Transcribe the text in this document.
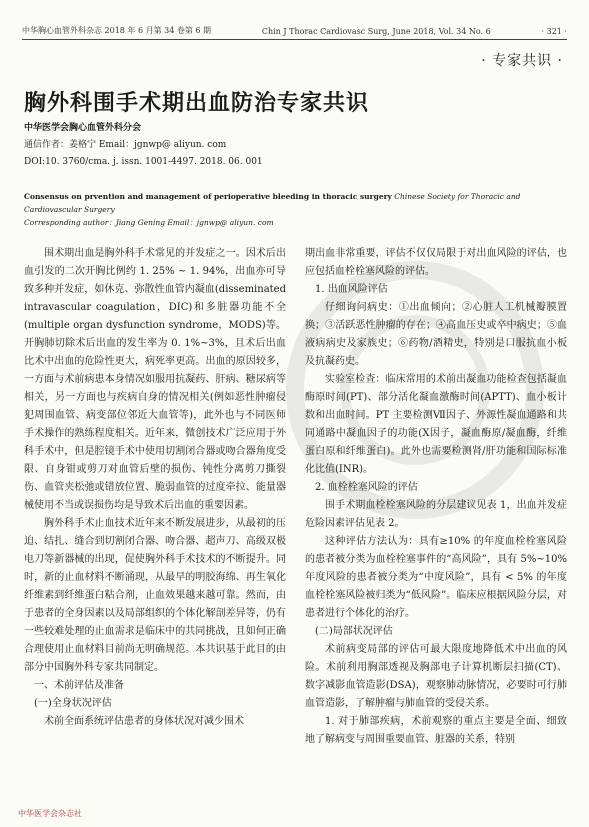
中华胸心血管外科杂志 2018 年 6 月第 34 卷第 6 期	Chin J Thorac Cardiovasc Surg, June 2018, Vol. 34 No. 6	· 321 ·
· 专家共识 ·
胸外科围手术期出血防治专家共识
中华医学会胸心血管外科分会
通信作者：姜格宁 Email：jgnwp@ aliyun. com
DOI:10. 3760/cma. j. issn. 1001-4497. 2018. 06. 001
Consensus on prvention and management of perioperative bleeding in thoracic surgery Chinese Society for Thoracic and Cardiovascular Surgery
Corresponding author：Jiang Gening Email：jgnwp@ aliyun. com

围术期出血是胸外科手术常见的并发症之一。因术后出血引发的二次开胸比例约 1. 25% ~ 1. 94%，出血亦可导致多种并发症，如休克、弥散性血管内凝血(disseminated intravascular coagulation，DIC)和多脏器功能不全(multiple organ dysfunction syndrome，MODS)等。开胸肺切除术后出血的发生率为 0. 1%~3%，且术后出血比术中出血的危险性更大，病死率更高。出血的原因较多，一方面与术前病患本身情况如服用抗凝药、肝病、糖尿病等相关，另一方面也与疾病自身的情况相关(例如恶性肿瘤侵犯周围血管、病变部位邻近大血管等)，此外也与不同医师手术操作的熟练程度相关。近年来，微创技术广泛应用于外科手术中，但是腔镜手术中使用切割闭合器或吻合器角度受限、自身钳或剪刀对血管后壁的损伤、钝性分离剪刀撕裂伤、血管夹松弛或错放位置、脆弱血管的过度牵拉、能量器械使用不当或误损伤均是导致术后出血的重要因素。

胸外科手术止血技术近年来不断发展进步，从最初的压迫、结扎、缝合到切割闭合器、吻合器、超声刀、高级双极电刀等新器械的出现，促使胸外科手术技术的不断提升。同时，新的止血材料不断涌现，从最早的明胶海绵、再生氧化纤维素到纤维蛋白粘合剂，止血效果越来越可靠。然而，由于患者的全身因素以及局部组织的个体化解剖差异等，仍有一些较难处理的止血需求是临床中的共同挑战，且如何正确合理使用止血材料目前尚无明确规范。本共识基于此目的由部分中国胸外科专家共同制定。

一、术前评估及准备
(一)全身状况评估

术前全面系统评估患者的身体状况对减少围术

期出血非常重要，评估不仅仅局限于对出血风险的评估，也应包括血栓栓塞风险的评估。

1. 出血风险评估

仔细询问病史：①出血倾向；②心脏人工机械瓣膜置换；③活跃恶性肿瘤的存在；④高血压史或卒中病史；⑤血液病病史及家族史；⑥药物/酒精史，特别是口服抗血小板及抗凝药史。

实验室检查：临床常用的术前出凝血功能检查包括凝血酶原时间(PT)、部分活化凝血激酶时间(APTT)、血小板计数和出血时间。PT 主要检测Ⅶ因子、外源性凝血通路和共同通路中凝血因子的功能(Ⅹ因子，凝血酶原/凝血酶，纤维蛋白原和纤维蛋白)。此外也需要检测肾/肝功能和国际标准化比值(INR)。

2. 血栓栓塞风险的评估

围手术期血栓栓塞风险的分层建议见表 1，出血并发症危险因素评估见表 2。

这种评估方法认为：具有≥10% 的年度血栓栓塞风险的患者被分类为血栓栓塞事件的“高风险”，具有 5%~10% 年度风险的患者被分类为“中度风险”，具有 < 5% 的年度血栓栓塞风险被归类为“低风险”。临床应根据风险分层，对患者进行个体化的治疗。

(二)局部状况评估

术前病变局部的评估可最大限度地降低术中出血的风险。术前利用胸部透视及胸部电子计算机断层扫描(CT)、数字减影血管造影(DSA)，观察肺动脉情况，必要时可行肺血管造影，了解肿瘤与肺血管的受侵关系。

1. 对于肺部疾病，术前观察的重点主要是全面、细致地了解病变与周围重要血管、脏器的关系，特别

中华医学会杂志社
